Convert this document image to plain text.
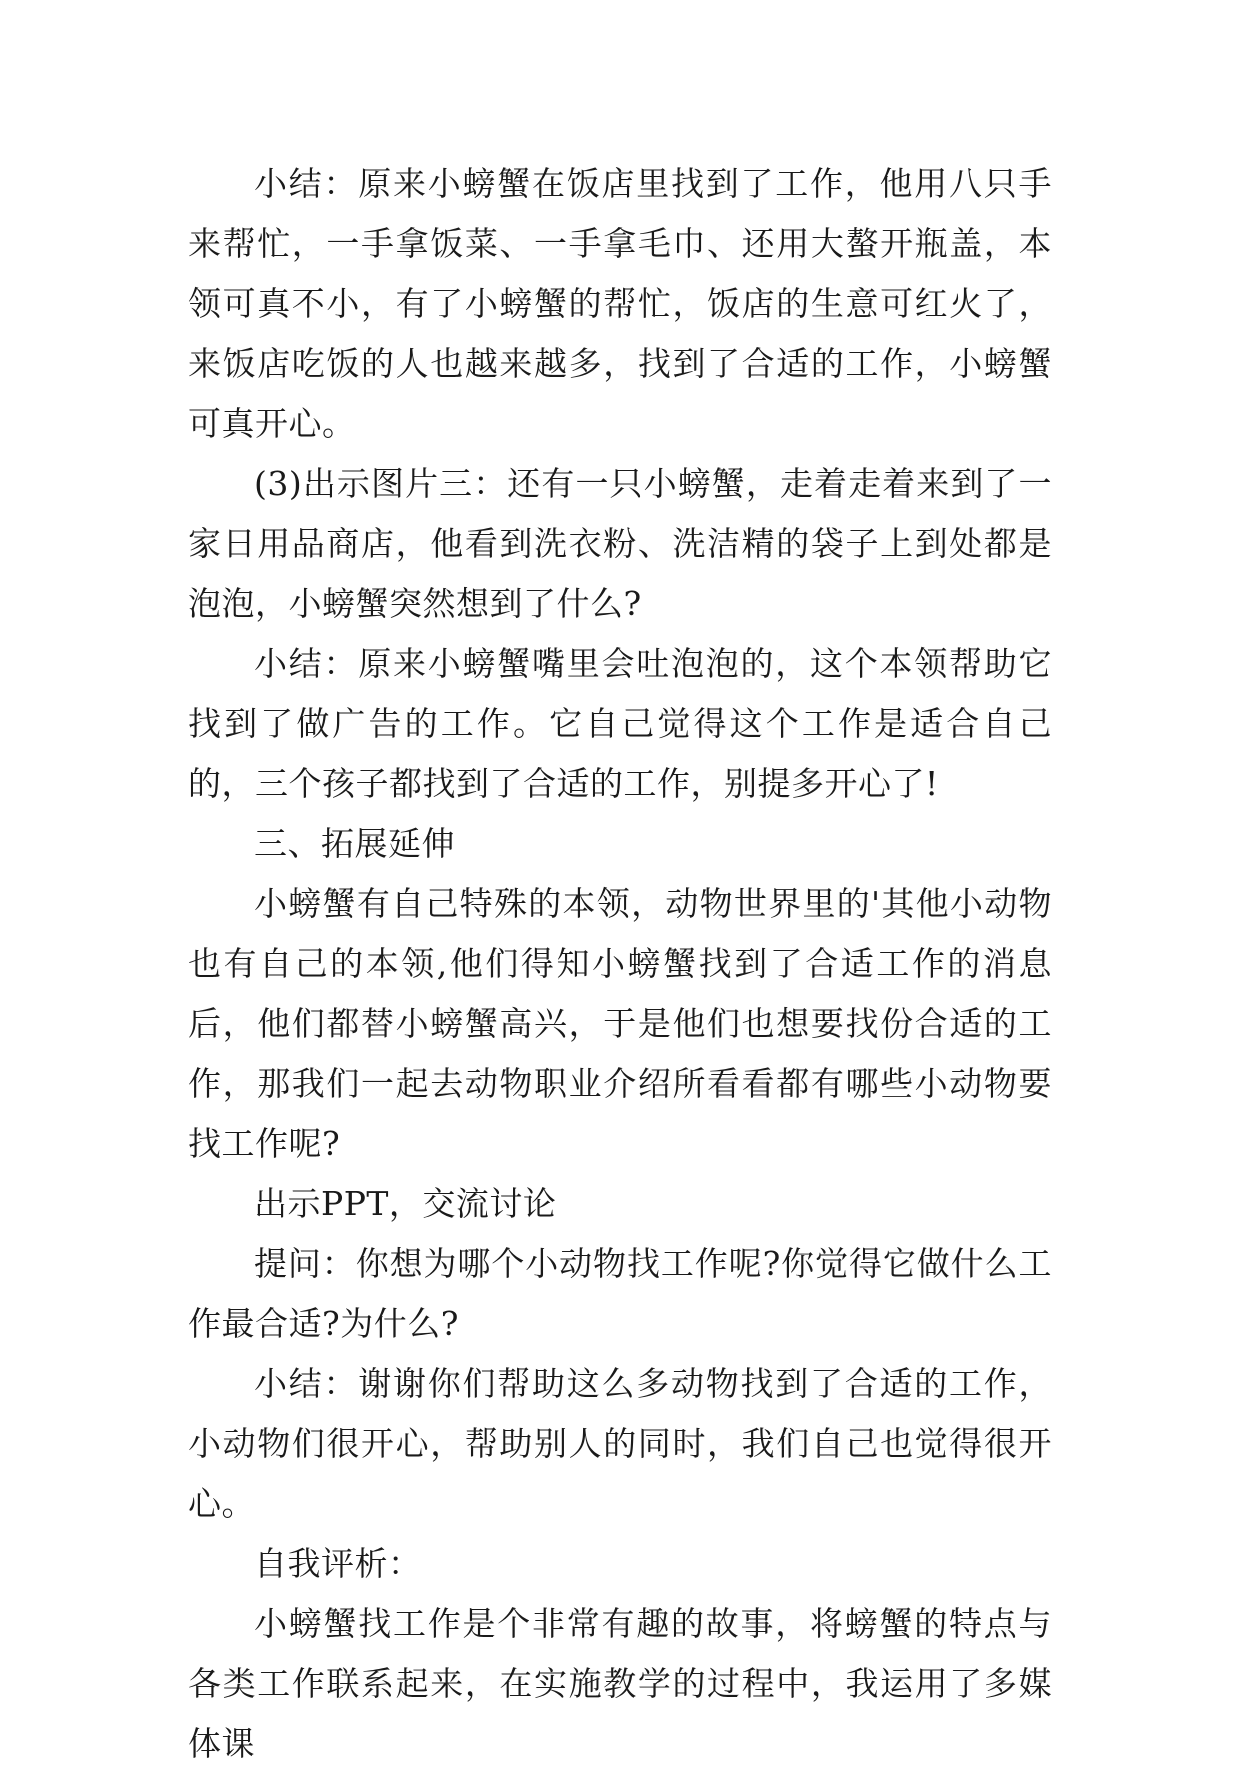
小结：原来小螃蟹在饭店里找到了工作，他用八只手来帮忙，一手拿饭菜、一手拿毛巾、还用大螯开瓶盖，本领可真不小，有了小螃蟹的帮忙，饭店的生意可红火了，来饭店吃饭的人也越来越多，找到了合适的工作，小螃蟹可真开心。

(3)出示图片三：还有一只小螃蟹，走着走着来到了一家日用品商店，他看到洗衣粉、洗洁精的袋子上到处都是泡泡，小螃蟹突然想到了什么?

小结：原来小螃蟹嘴里会吐泡泡的，这个本领帮助它找到了做广告的工作。它自己觉得这个工作是适合自己的，三个孩子都找到了合适的工作，别提多开心了!

三、拓展延伸

小螃蟹有自己特殊的本领，动物世界里的'其他小动物也有自己的本领,他们得知小螃蟹找到了合适工作的消息后，他们都替小螃蟹高兴，于是他们也想要找份合适的工作，那我们一起去动物职业介绍所看看都有哪些小动物要找工作呢?

出示PPT，交流讨论

提问：你想为哪个小动物找工作呢?你觉得它做什么工作最合适?为什么?

小结：谢谢你们帮助这么多动物找到了合适的工作，小动物们很开心，帮助别人的同时，我们自己也觉得很开心。

自我评析：

小螃蟹找工作是个非常有趣的故事，将螃蟹的特点与各类工作联系起来，在实施教学的过程中，我运用了多媒体课
